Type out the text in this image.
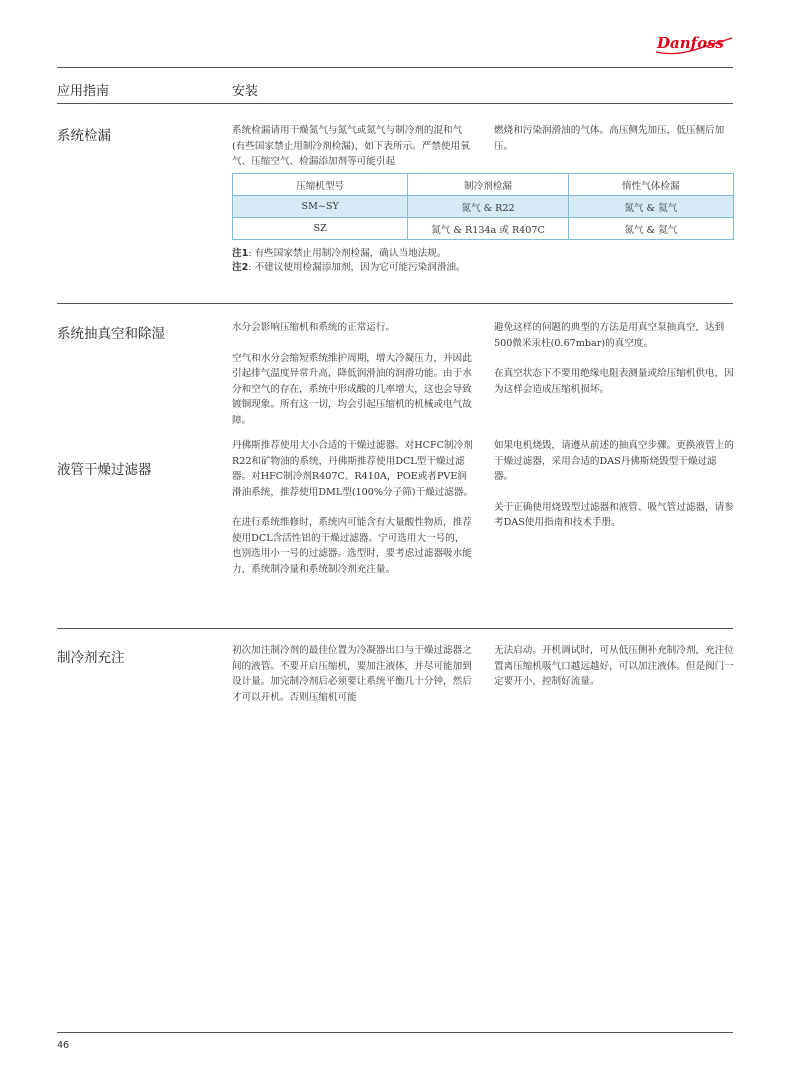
Danfoss
应用指南	安装
系统检漏	系统检漏请用干燥氮气与氮气或氮气与制冷剂的混和气(有些国家禁止用制冷剂检漏)，如下表所示。严禁使用氧气、压缩空气、检漏添加剂等可能引起

燃烧和污染润滑油的气体。高压侧先加压，低压侧后加压。

压缩机型号	制冷剂检漏	惰性气体检漏
SM~SY	氮气 & R22	氮气 & 氦气
SZ	氮气 & R134a 或 R407C	氮气 & 氦气
注1: 有些国家禁止用制冷剂检漏，确认当地法规。
注2: 不建议使用检漏添加剂，因为它可能污染润滑油。
系统抽真空和除湿	水分会影响压缩机和系统的正常运行。

空气和水分会缩短系统维护周期，增大冷凝压力，并因此引起排气温度异常升高，降低润滑油的润滑功能。由于水分和空气的存在，系统中形成酸的几率增大，这也会导致镀铜现象。所有这一切，均会引起压缩机的机械或电气故障。

避免这样的问题的典型的方法是用真空泵抽真空，达到500微米汞柱(0.67mbar)的真空度。

在真空状态下不要用绝缘电阻表测量或给压缩机供电，因为这样会造成压缩机损坏。

液管干燥过滤器

丹佛斯推荐使用大小合适的干燥过滤器。对HCFC制冷剂R22和矿物油的系统，丹佛斯推荐使用DCL型干燥过滤器。对HFC制冷剂R407C、R410A，POE或者PVE润滑油系统，推荐使用DML型(100%分子筛)干燥过滤器。

在进行系统维修时，系统内可能含有大量酸性物质，推荐使用DCL含活性铝的干燥过滤器。宁可选用大一号的，也别选用小一号的过滤器。选型时，要考虑过滤器吸水能力，系统制冷量和系统制冷剂充注量。

如果电机烧毁，请遵从前述的抽真空步骤。更换液管上的干燥过滤器，采用合适的DAS丹佛斯烧毁型干燥过滤器。

关于正确使用烧毁型过滤器和液管、吸气管过滤器，请参考DAS使用指南和技术手册。

制冷剂充注	初次加注制冷剂的最佳位置为冷凝器出口与干燥过滤器之间的液管。不要开启压缩机，要加注液体，并尽可能加到设计量。加完制冷剂后必须要让系统平衡几十分钟，然后才可以开机。否则压缩机可能

无法启动。开机调试时，可从低压侧补充制冷剂，充注位置离压缩机吸气口越远越好，可以加注液体。但是阀门一定要开小，控制好流量。

46
